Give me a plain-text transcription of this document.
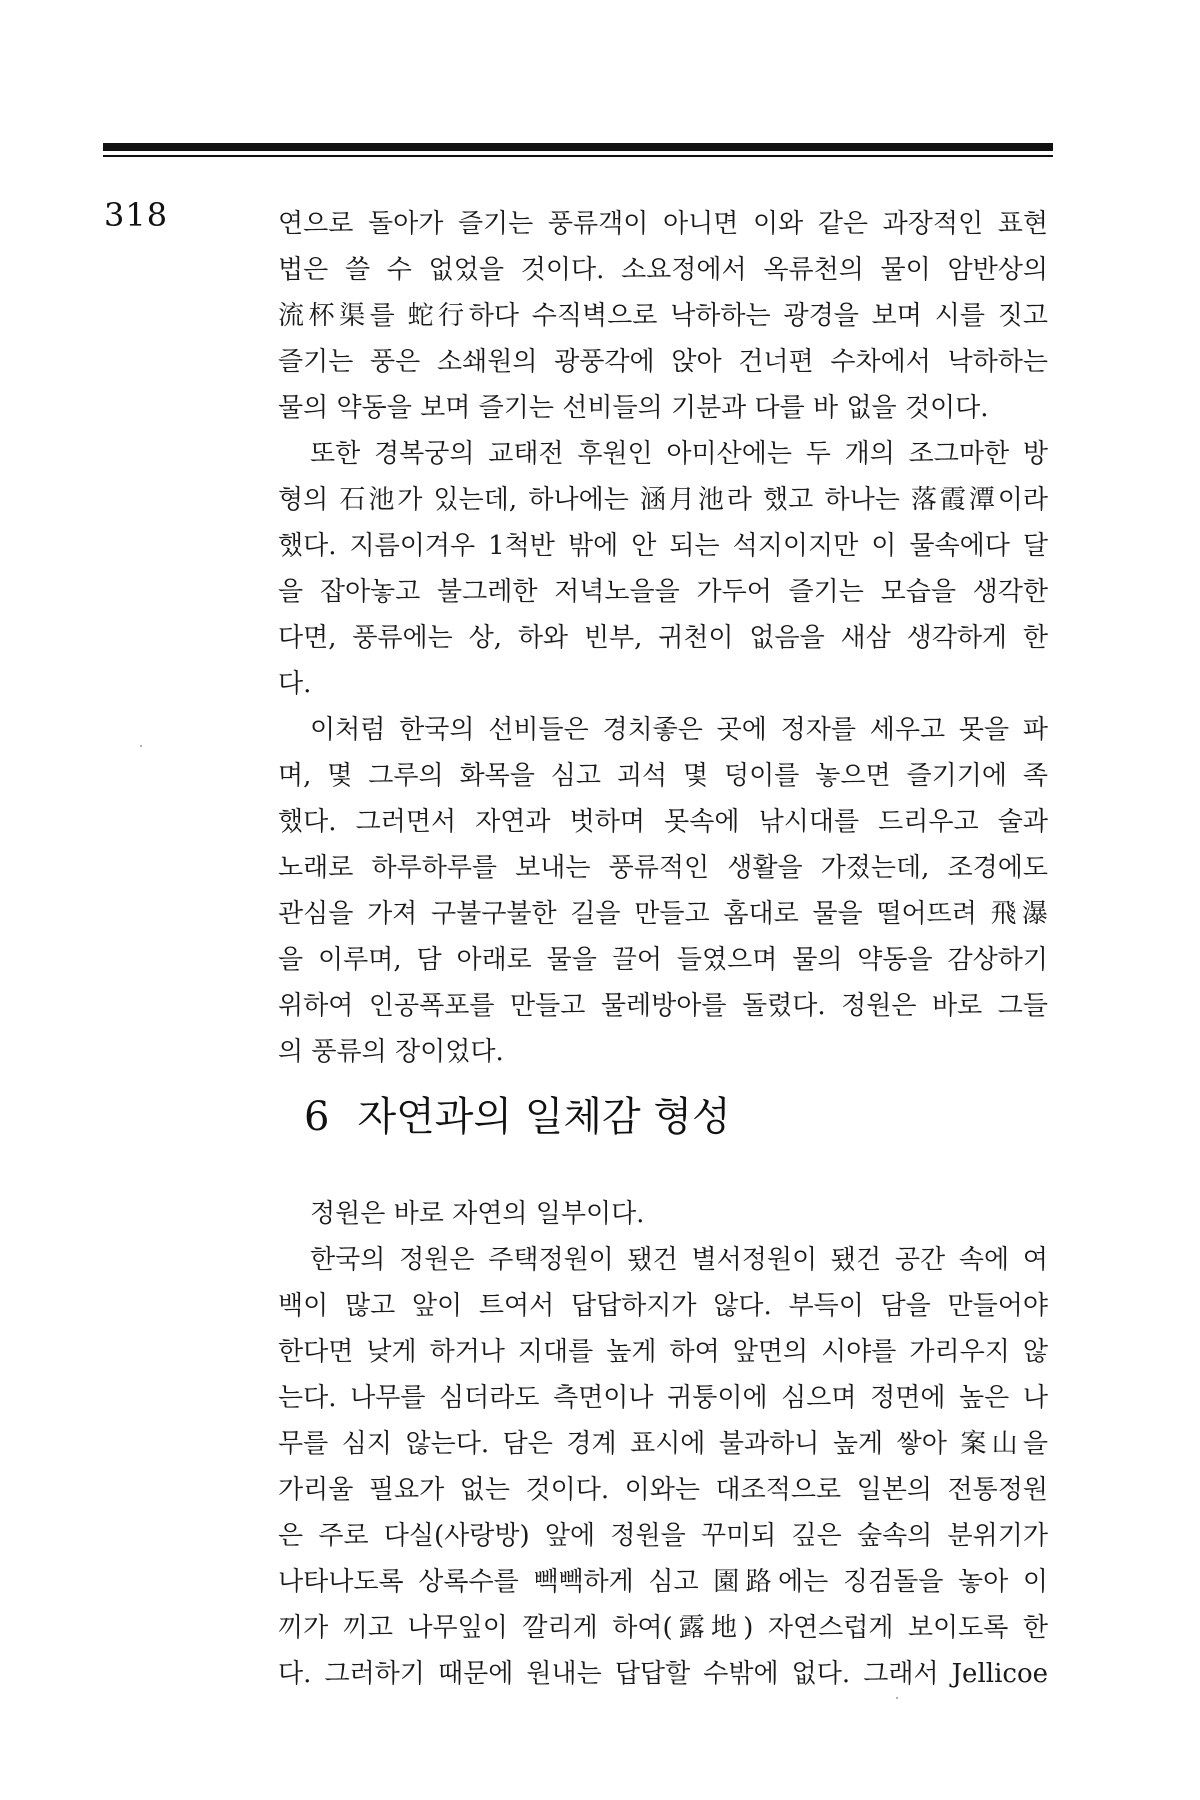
318	연으로 돌아가 즐기는 풍류객이 아니면 이와 같은 과장적인 표현
법은 쓸 수 없었을 것이다. 소요정에서 옥류천의 물이 암반상의
流杯渠를 蛇行하다 수직벽으로 낙하하는 광경을 보며 시를 짓고
즐기는 풍은 소쇄원의 광풍각에 앉아 건너편 수차에서 낙하하는
물의 약동을 보며 즐기는 선비들의 기분과 다를 바 없을 것이다.
또한 경복궁의 교태전 후원인 아미산에는 두 개의 조그마한 방
형의 石池가 있는데, 하나에는 涵月池라 했고 하나는 落霞潭이라
했다. 지름이겨우 1척반 밖에 안 되는 석지이지만 이 물속에다 달
을 잡아놓고 불그레한 저녁노을을 가두어 즐기는 모습을 생각한
다면, 풍류에는 상, 하와 빈부, 귀천이 없음을 새삼 생각하게 한
다.
이처럼 한국의 선비들은 경치좋은 곳에 정자를 세우고 못을 파
며, 몇 그루의 화목을 심고 괴석 몇 덩이를 놓으면 즐기기에 족
했다. 그러면서 자연과 벗하며 못속에 낚시대를 드리우고 술과
노래로 하루하루를 보내는 풍류적인 생활을 가졌는데, 조경에도
관심을 가져 구불구불한 길을 만들고 홈대로 물을 떨어뜨려 飛瀑
을 이루며, 담 아래로 물을 끌어 들였으며 물의 약동을 감상하기
위하여 인공폭포를 만들고 물레방아를 돌렸다. 정원은 바로 그들
의 풍류의 장이었다.
6 자연과의 일체감 형성
정원은 바로 자연의 일부이다.
한국의 정원은 주택정원이 됐건 별서정원이 됐건 공간 속에 여
백이 많고 앞이 트여서 답답하지가 않다. 부득이 담을 만들어야
한다면 낮게 하거나 지대를 높게 하여 앞면의 시야를 가리우지 않
는다. 나무를 심더라도 측면이나 귀퉁이에 심으며 정면에 높은 나
무를 심지 않는다. 담은 경계 표시에 불과하니 높게 쌓아 案山을
가리울 필요가 없는 것이다. 이와는 대조적으로 일본의 전통정원
은 주로 다실(사랑방) 앞에 정원을 꾸미되 깊은 숲속의 분위기가
나타나도록 상록수를 빽빽하게 심고 園路에는 징검돌을 놓아 이
끼가 끼고 나무잎이 깔리게 하여(露地) 자연스럽게 보이도록 한
다. 그러하기 때문에 원내는 답답할 수밖에 없다. 그래서 Jellicoe
